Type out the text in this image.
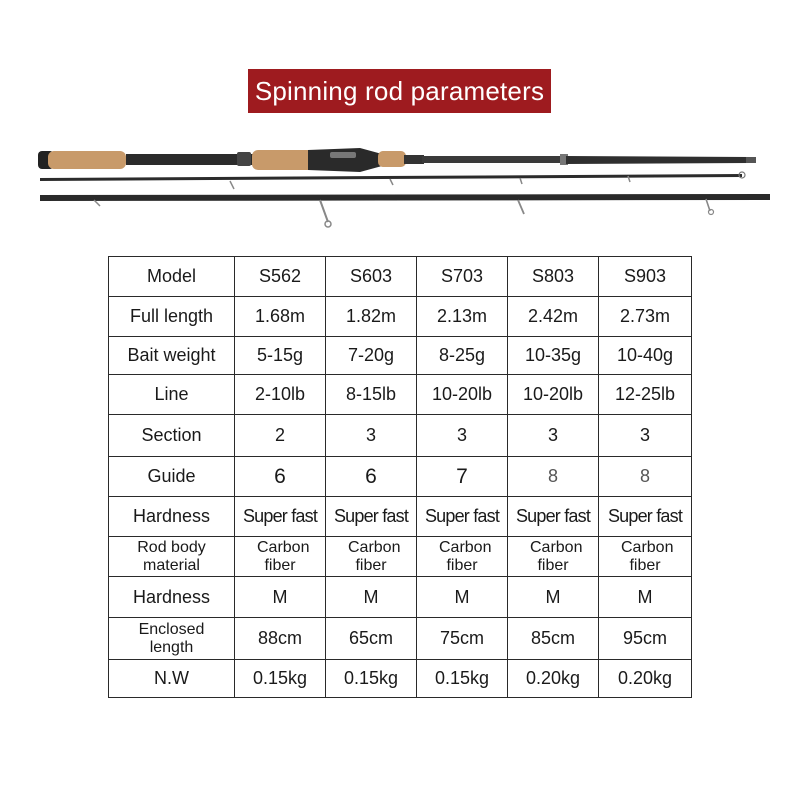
Spinning rod parameters
Model	S562	S603	S703	S803	S903
Full length	1.68m	1.82m	2.13m	2.42m	2.73m
Bait weight	5-15g	7-20g	8-25g	10-35g	10-40g
Line	2-10lb	8-15lb	10-20lb	10-20lb	12-25lb
Section	2	3	3	3	3
Guide	6	6	7	8	8
Hardness	Super fast	Super fast	Super fast	Super fast	Super fast
Rod body material	Carbon fiber	Carbon fiber	Carbon fiber	Carbon fiber	Carbon fiber
Hardness	M	M	M	M	M
Enclosed length	88cm	65cm	75cm	85cm	95cm
N.W	0.15kg	0.15kg	0.15kg	0.20kg	0.20kg
